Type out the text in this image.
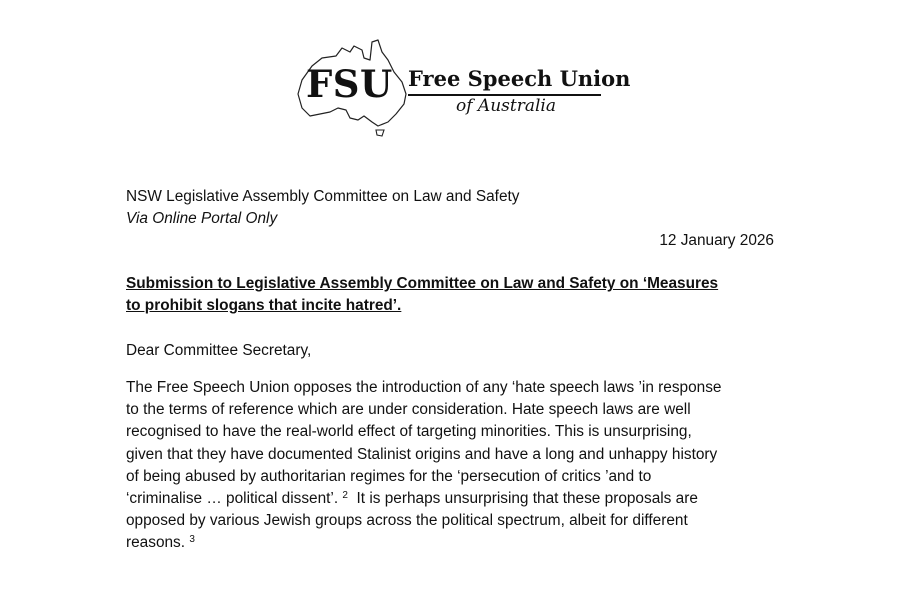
FSU Free Speech Union
of Australia
NSW Legislative Assembly Committee on Law and Safety
Via Online Portal Only
12 January 2026
Submission to Legislative Assembly Committee on Law and Safety on ‘Measures
to prohibit slogans that incite hatred’.
Dear Committee Secretary,
The Free Speech Union opposes the introduction of any ‘hate speech laws ’in response
to the terms of reference which are under consideration. Hate speech laws are well
recognised to have the real-world effect of targeting minorities. This is unsurprising,
given that they have documented Stalinist origins and have a long and unhappy history
of being abused by authoritarian regimes for the ‘persecution of critics ’and to
‘criminalise … political dissent’. $^2$ It is perhaps unsurprising that these proposals are
opposed by various Jewish groups across the political spectrum, albeit for different
reasons. $^3$
